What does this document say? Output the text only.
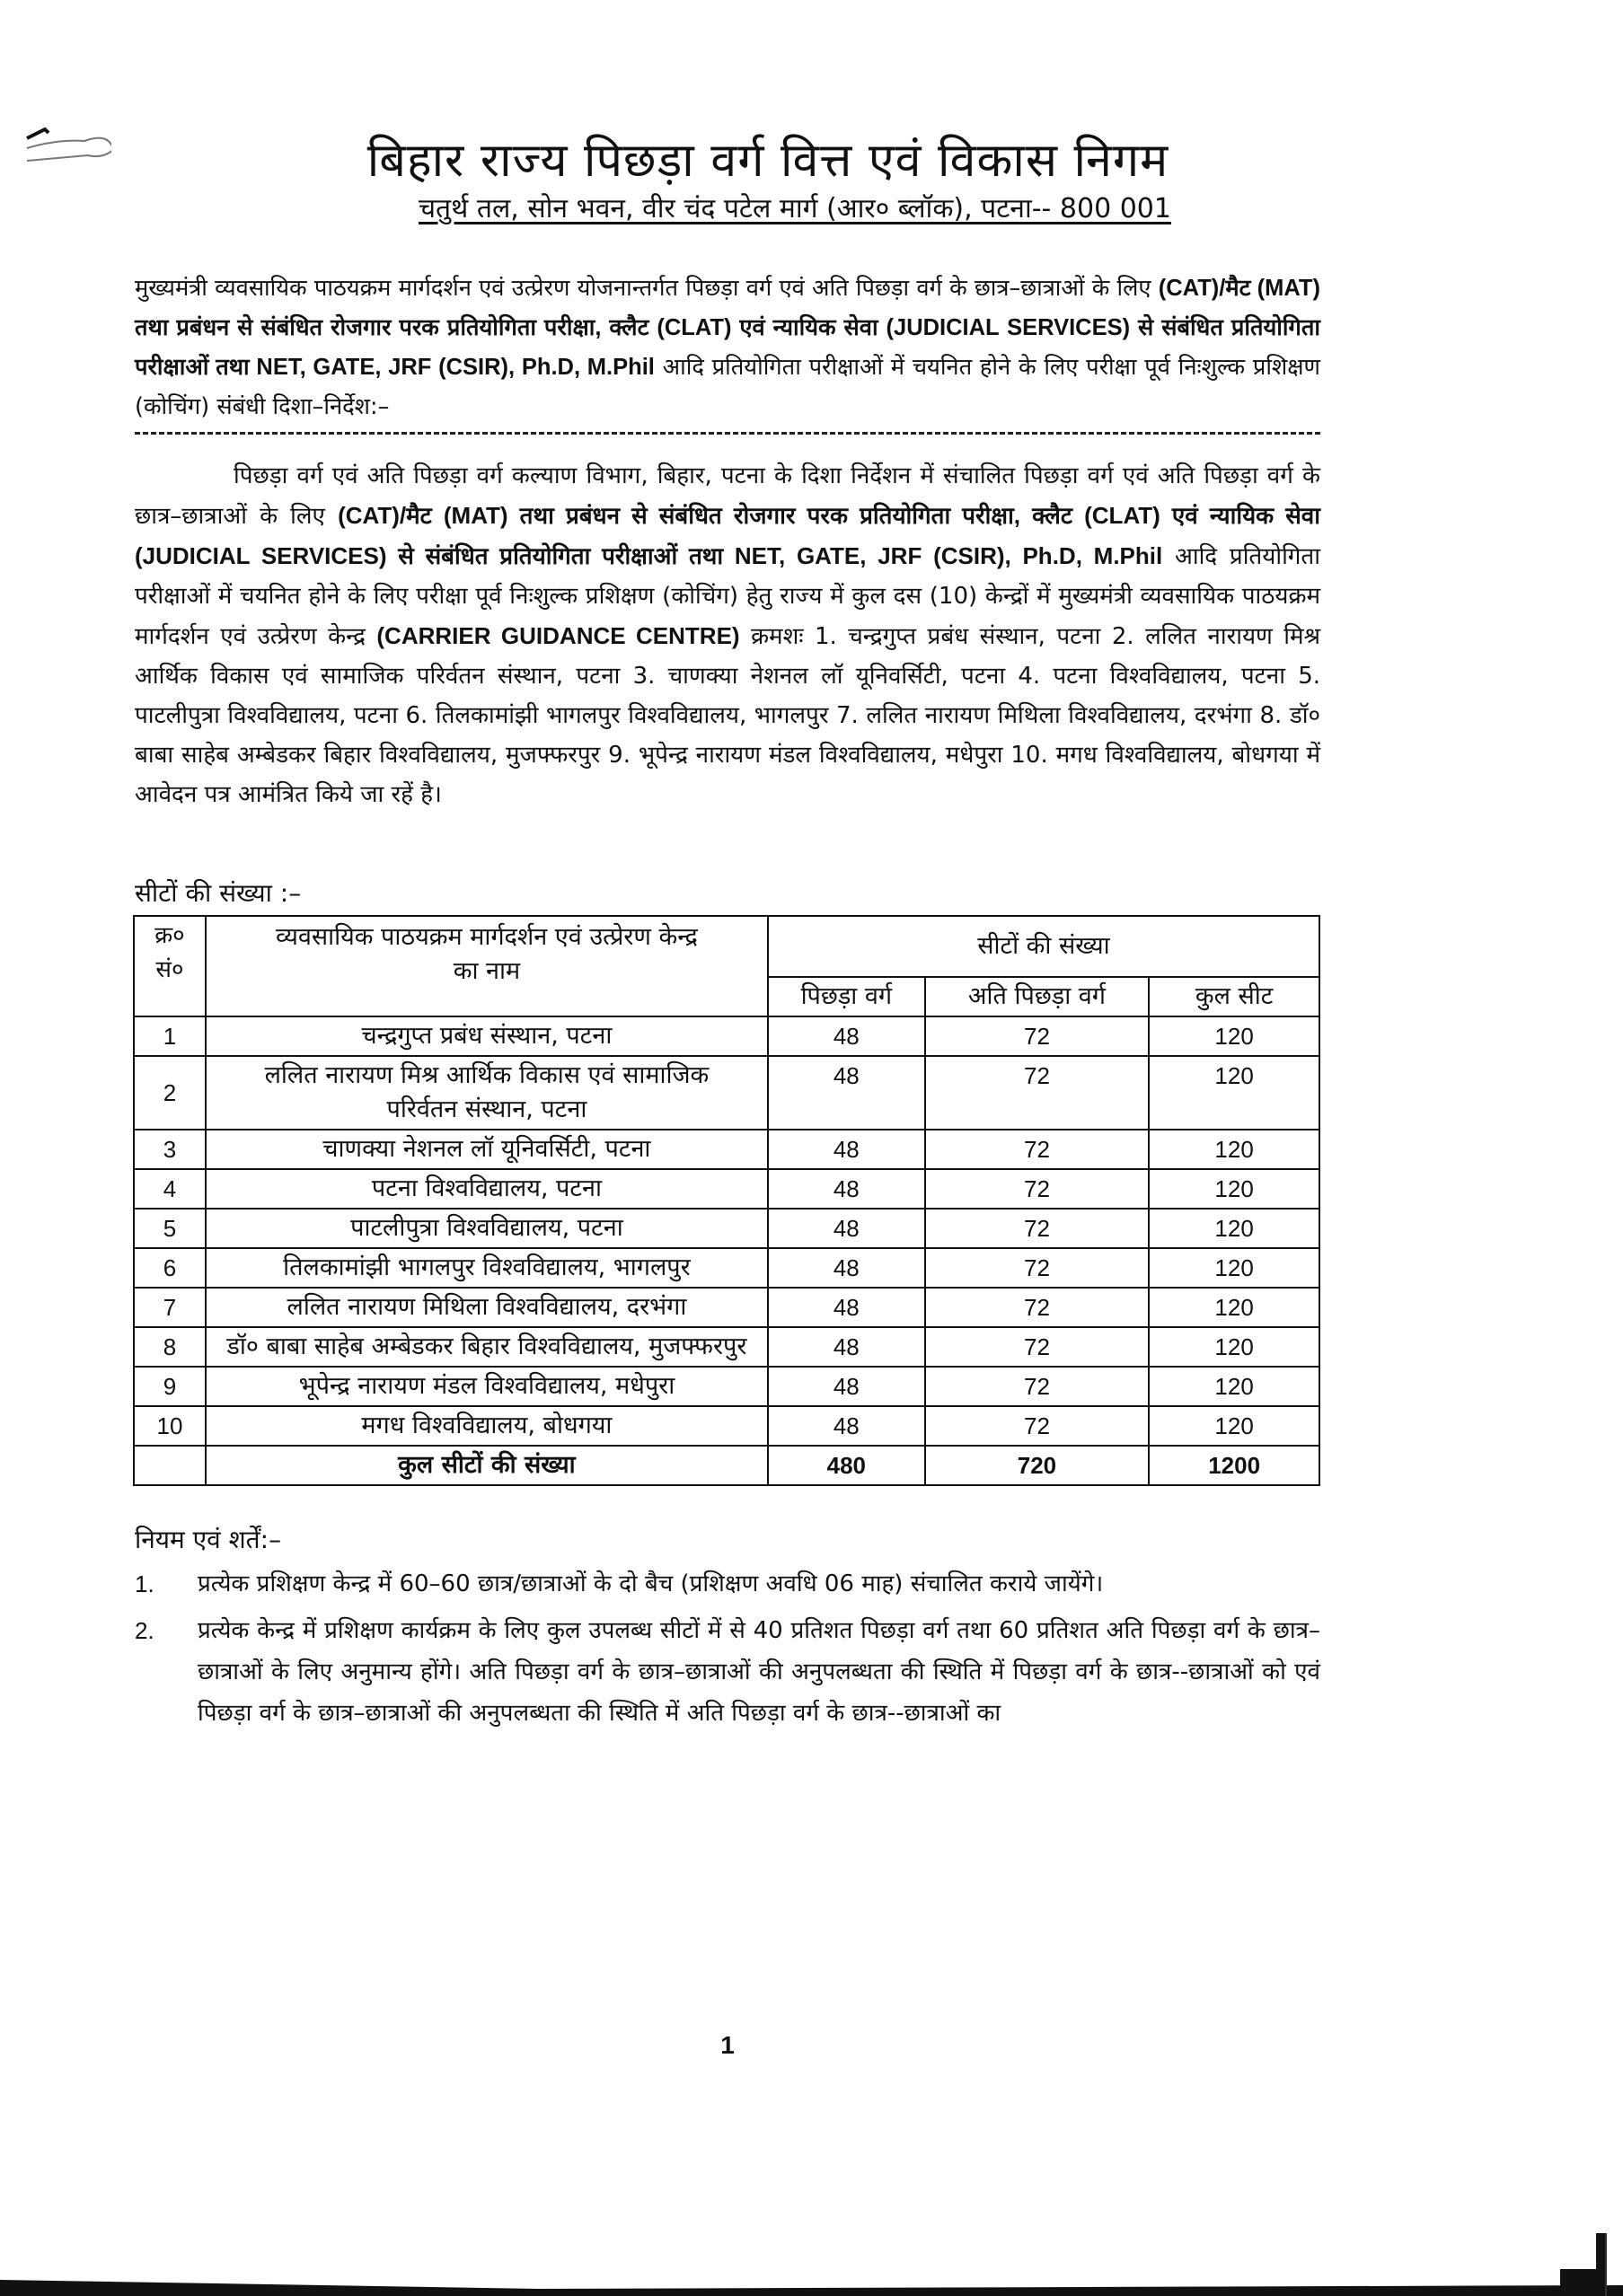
बिहार राज्य पिछड़ा वर्ग वित्त एवं विकास निगम
चतुर्थ तल, सोन भवन, वीर चंद पटेल मार्ग (आर० ब्लॉक), पटना-- 800 001
मुख्यमंत्री व्यवसायिक पाठयक्रम मार्गदर्शन एवं उत्प्रेरण योजनान्तर्गत पिछड़ा वर्ग एवं अति पिछड़ा वर्ग के छात्र–छात्राओं के लिए (CAT)/मैट (MAT) तथा प्रबंधन से संबंधित रोजगार परक प्रतियोगिता परीक्षा, क्लैट (CLAT) एवं न्यायिक सेवा (JUDICIAL SERVICES) से संबंधित प्रतियोगिता परीक्षाओं तथा NET, GATE, JRF (CSIR), Ph.D, M.Phil आदि प्रतियोगिता परीक्षाओं में चयनित होने के लिए परीक्षा पूर्व निःशुल्क प्रशिक्षण (कोचिंग) संबंधी दिशा–निर्देश:–
पिछड़ा वर्ग एवं अति पिछड़ा वर्ग कल्याण विभाग, बिहार, पटना के दिशा निर्देशन में संचालित पिछड़ा वर्ग एवं अति पिछड़ा वर्ग के छात्र–छात्राओं के लिए (CAT)/मैट (MAT) तथा प्रबंधन से संबंधित रोजगार परक प्रतियोगिता परीक्षा, क्लैट (CLAT) एवं न्यायिक सेवा (JUDICIAL SERVICES) से संबंधित प्रतियोगिता परीक्षाओं तथा NET, GATE, JRF (CSIR), Ph.D, M.Phil आदि प्रतियोगिता परीक्षाओं में चयनित होने के लिए परीक्षा पूर्व निःशुल्क प्रशिक्षण (कोचिंग) हेतु राज्य में कुल दस (10) केन्द्रों में मुख्यमंत्री व्यवसायिक पाठयक्रम मार्गदर्शन एवं उत्प्रेरण केन्द्र (CARRIER GUIDANCE CENTRE) क्रमशः 1. चन्द्रगुप्त प्रबंध संस्थान, पटना 2. ललित नारायण मिश्र आर्थिक विकास एवं सामाजिक परिर्वतन संस्थान, पटना 3. चाणक्या नेशनल लॉ यूनिवर्सिटी, पटना 4. पटना विश्वविद्यालय, पटना 5. पाटलीपुत्रा विश्वविद्यालय, पटना 6. तिलकामांझी भागलपुर विश्वविद्यालय, भागलपुर 7. ललित नारायण मिथिला विश्वविद्यालय, दरभंगा 8. डॉ० बाबा साहेब अम्बेडकर बिहार विश्वविद्यालय, मुजफ्फरपुर 9. भूपेन्द्र नारायण मंडल विश्वविद्यालय, मधेपुरा 10. मगध विश्वविद्यालय, बोधगया में आवेदन पत्र आमंत्रित किये जा रहें है।
सीटों की संख्या :–
क्र० सं०	व्यवसायिक पाठयक्रम मार्गदर्शन एवं उत्प्रेरण केन्द्र का नाम	सीटों की संख्या		
		पिछड़ा वर्ग	अति पिछड़ा वर्ग	कुल सीट
1	चन्द्रगुप्त प्रबंध संस्थान, पटना	48	72	120
2	ललित नारायण मिश्र आर्थिक विकास एवं सामाजिक परिर्वतन संस्थान, पटना	48	72	120
3	चाणक्या नेशनल लॉ यूनिवर्सिटी, पटना	48	72	120
4	पटना विश्वविद्यालय, पटना	48	72	120
5	पाटलीपुत्रा विश्वविद्यालय, पटना	48	72	120
6	तिलकामांझी भागलपुर विश्वविद्यालय, भागलपुर	48	72	120
7	ललित नारायण मिथिला विश्वविद्यालय, दरभंगा	48	72	120
8	डॉ० बाबा साहेब अम्बेडकर बिहार विश्वविद्यालय, मुजफ्फरपुर	48	72	120
9	भूपेन्द्र नारायण मंडल विश्वविद्यालय, मधेपुरा	48	72	120
10	मगध विश्वविद्यालय, बोधगया	48	72	120
	कुल सीटों की संख्या	480	720	1200
नियम एवं शर्तें:–
1.	प्रत्येक प्रशिक्षण केन्द्र में 60–60 छात्र/छात्राओं के दो बैच (प्रशिक्षण अवधि 06 माह) संचालित कराये जायेंगे।
2.	प्रत्येक केन्द्र में प्रशिक्षण कार्यक्रम के लिए कुल उपलब्ध सीटों में से 40 प्रतिशत पिछड़ा वर्ग तथा 60 प्रतिशत अति पिछड़ा वर्ग के छात्र–छात्राओं के लिए अनुमान्य होंगे। अति पिछड़ा वर्ग के छात्र–छात्राओं की अनुपलब्धता की स्थिति में पिछड़ा वर्ग के छात्र--छात्राओं को एवं पिछड़ा वर्ग के छात्र–छात्राओं की अनुपलब्धता की स्थिति में अति पिछड़ा वर्ग के छात्र--छात्राओं का
1
